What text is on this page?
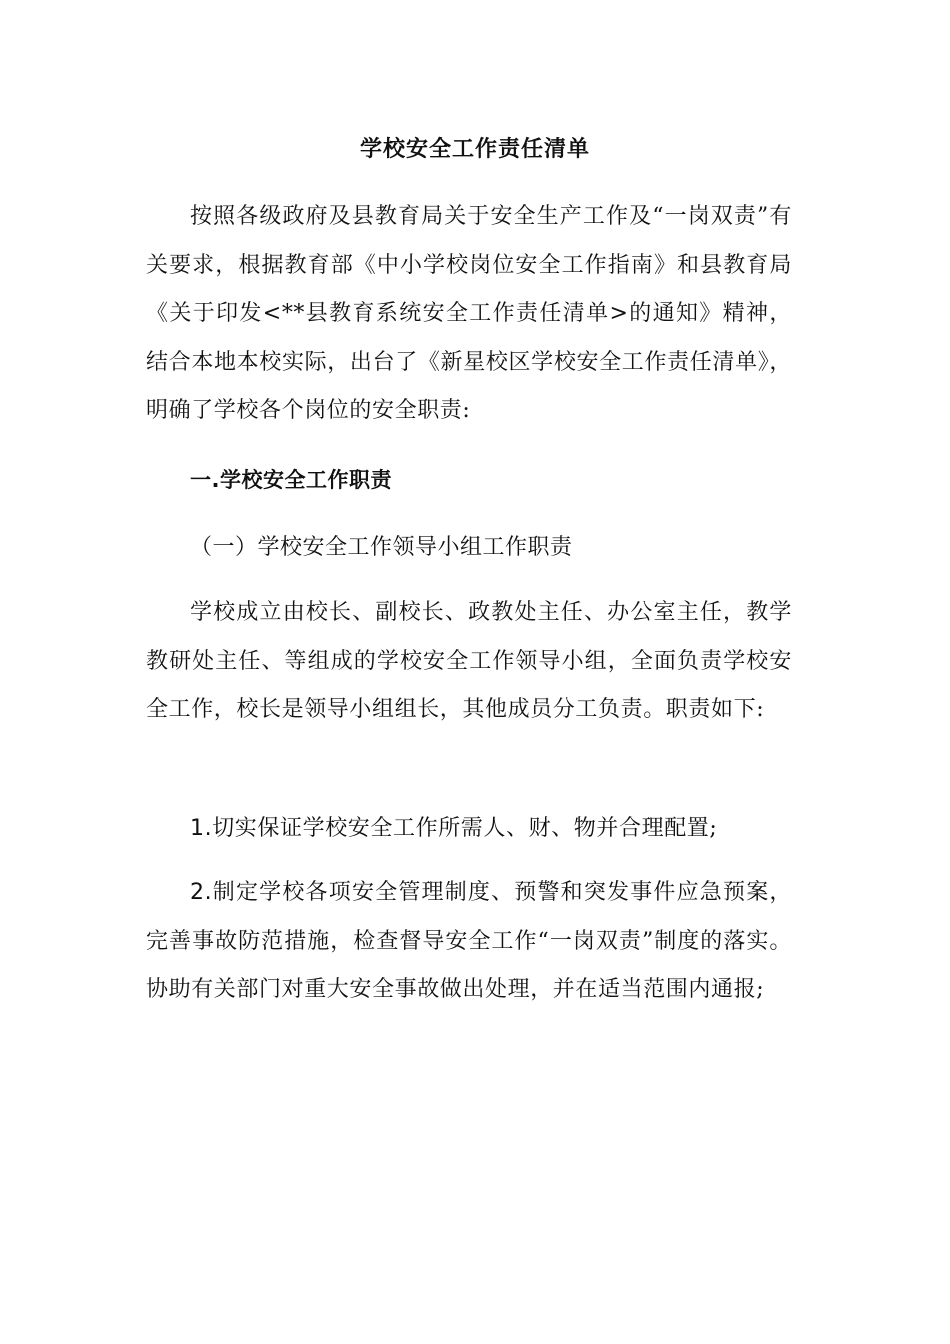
学校安全工作责任清单
按照各级政府及县教育局关于安全生产工作及“一岗双责”有关要求，根据教育部《中小学校岗位安全工作指南》和县教育局《关于印发<**县教育系统安全工作责任清单>的通知》精神，结合本地本校实际，出台了《新星校区学校安全工作责任清单》，明确了学校各个岗位的安全职责:
一.学校安全工作职责
（一）学校安全工作领导小组工作职责
学校成立由校长、副校长、政教处主任、办公室主任，教学教研处主任、等组成的学校安全工作领导小组，全面负责学校安全工作，校长是领导小组组长，其他成员分工负责。职责如下:
1.切实保证学校安全工作所需人、财、物并合理配置;
2.制定学校各项安全管理制度、预警和突发事件应急预案，完善事故防范措施，检查督导安全工作“一岗双责”制度的落实。协助有关部门对重大安全事故做出处理，并在适当范围内通报;
